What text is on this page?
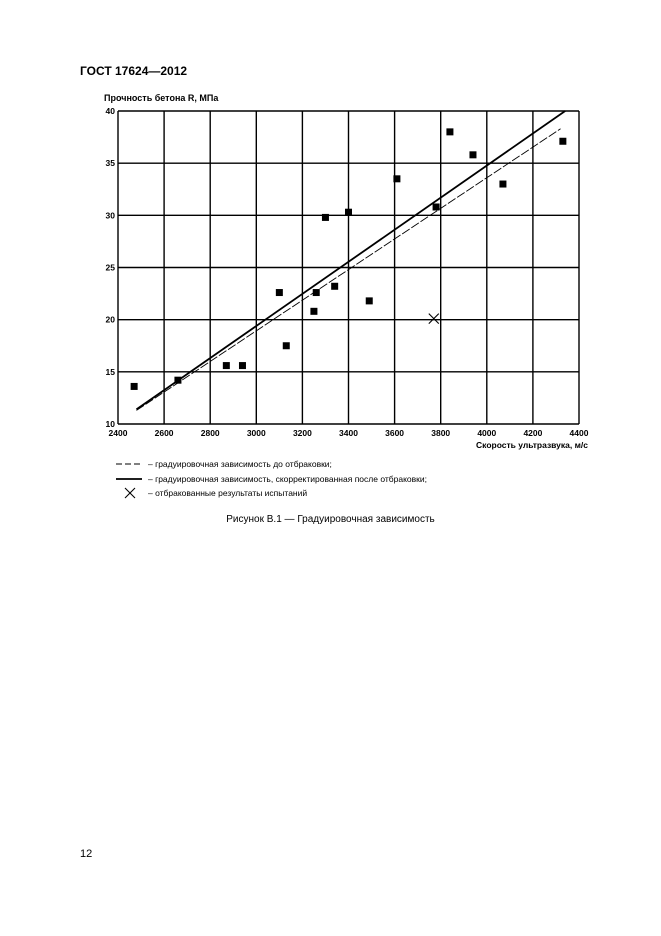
ГОСТ 17624—2012
2400	2600	2800	3000	3200	3400	3600	3800	4000	4200	4400
10
15
20
25
30
35
40
Прочность бетона R, МПа
Скорость ультразвука, м/с
– градуировочная зависимость до отбраковки;
– градуировочная зависимость, скорректированная после отбраковки;
– отбракованные результаты испытаний
Рисунок В.1 — Градуировочная зависимость
12
